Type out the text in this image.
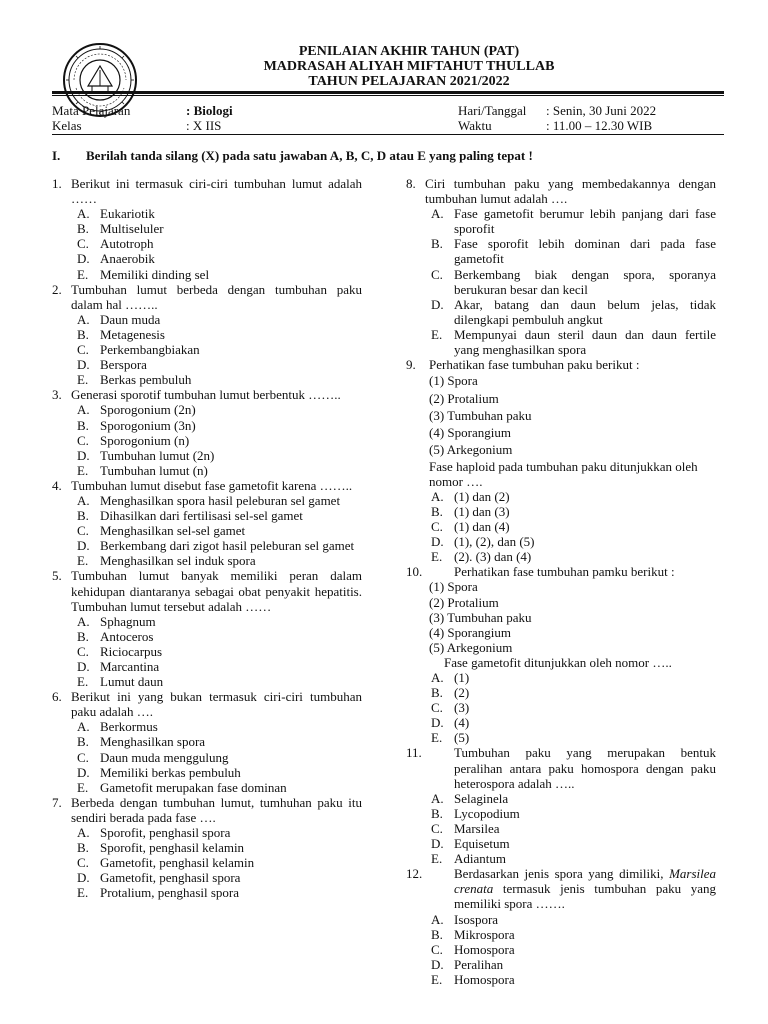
PENILAIAN AKHIR TAHUN (PAT)
MADRASAH ALIYAH MIFTAHUT THULLAB
TAHUN PELAJARAN 2021/2022
Mata Pelajaran	: Biologi
Kelas	: X IIS
Hari/Tanggal	: Senin, 30 Juni 2022
Waktu	: 11.00 – 12.30 WIB
I. Berilah tanda silang (X) pada satu jawaban A, B, C, D atau E yang paling tepat !
1. Berikut ini termasuk ciri-ciri tumbuhan lumut adalah ……
A. Eukariotik
B. Multiseluler
C. Autotroph
D. Anaerobik
E. Memiliki dinding sel
2. Tumbuhan lumut berbeda dengan tumbuhan paku dalam hal ……..
A. Daun muda
B. Metagenesis
C. Perkembangbiakan
D. Berspora
E. Berkas pembuluh
3. Generasi sporotif tumbuhan lumut berbentuk ……..
A. Sporogonium (2n)
B. Sporogonium (3n)
C. Sporogonium (n)
D. Tumbuhan lumut (2n)
E. Tumbuhan lumut (n)
4. Tumbuhan lumut disebut fase gametofit karena ……..
A. Menghasilkan spora hasil peleburan sel gamet
B. Dihasilkan dari fertilisasi sel-sel gamet
C. Menghasilkan sel-sel gamet
D. Berkembang dari zigot hasil peleburan sel gamet
E. Menghasilkan sel induk spora
5. Tumbuhan lumut banyak memiliki peran dalam kehidupan diantaranya sebagai obat penyakit hepatitis. Tumbuhan lumut tersebut adalah ……
A. Sphagnum
B. Antoceros
C. Riciocarpus
D. Marcantina
E. Lumut daun
6. Berikut ini yang bukan termasuk ciri-ciri tumbuhan paku adalah ….
A. Berkormus
B. Menghasilkan spora
C. Daun muda menggulung
D. Memiliki berkas pembuluh
E. Gametofit merupakan fase dominan
7. Berbeda dengan tumbuhan lumut, tumhuhan paku itu sendiri berada pada fase ….
A. Sporofit, penghasil spora
B. Sporofit, penghasil kelamin
C. Gametofit, penghasil kelamin
D. Gametofit, penghasil spora
E. Protalium, penghasil spora
8. Ciri tumbuhan paku yang membedakannya dengan tumbuhan lumut adalah ….
A. Fase gametofit berumur lebih panjang dari fase sporofit
B. Fase sporofit lebih dominan dari pada fase gametofit
C. Berkembang biak dengan spora, sporanya berukuran besar dan kecil
D. Akar, batang dan daun belum jelas, tidak dilengkapi pembuluh angkut
E. Mempunyai daun steril daun dan daun fertile yang menghasilkan spora
9.	Perhatikan fase tumbuhan paku berikut :
(1) Spora
(2) Protalium
(3) Tumbuhan paku
(4) Sporangium
(5) Arkegonium
Fase haploid pada tumbuhan paku ditunjukkan oleh nomor ….
A. (1) dan (2)
B. (1) dan (3)
C. (1) dan (4)
D. (1), (2), dan (5)
E. (2). (3) dan (4)
10.	Perhatikan fase tumbuhan pamku berikut :
(1) Spora
(2) Protalium
(3) Tumbuhan paku
(4) Sporangium
(5) Arkegonium
Fase gametofit ditunjukkan oleh nomor …..
A. (1)
B. (2)
C. (3)
D. (4)
E. (5)
11.	Tumbuhan paku yang merupakan bentuk peralihan antara paku homospora dengan paku heterospora adalah …..
A. Selaginela
B. Lycopodium
C. Marsilea
D. Equisetum
E. Adiantum
12.	Berdasarkan jenis spora yang dimiliki, Marsilea crenata termasuk jenis tumbuhan paku yang memiliki spora …….
A. Isospora
B. Mikrospora
C. Homospora
D. Peralihan
E. Homospora
